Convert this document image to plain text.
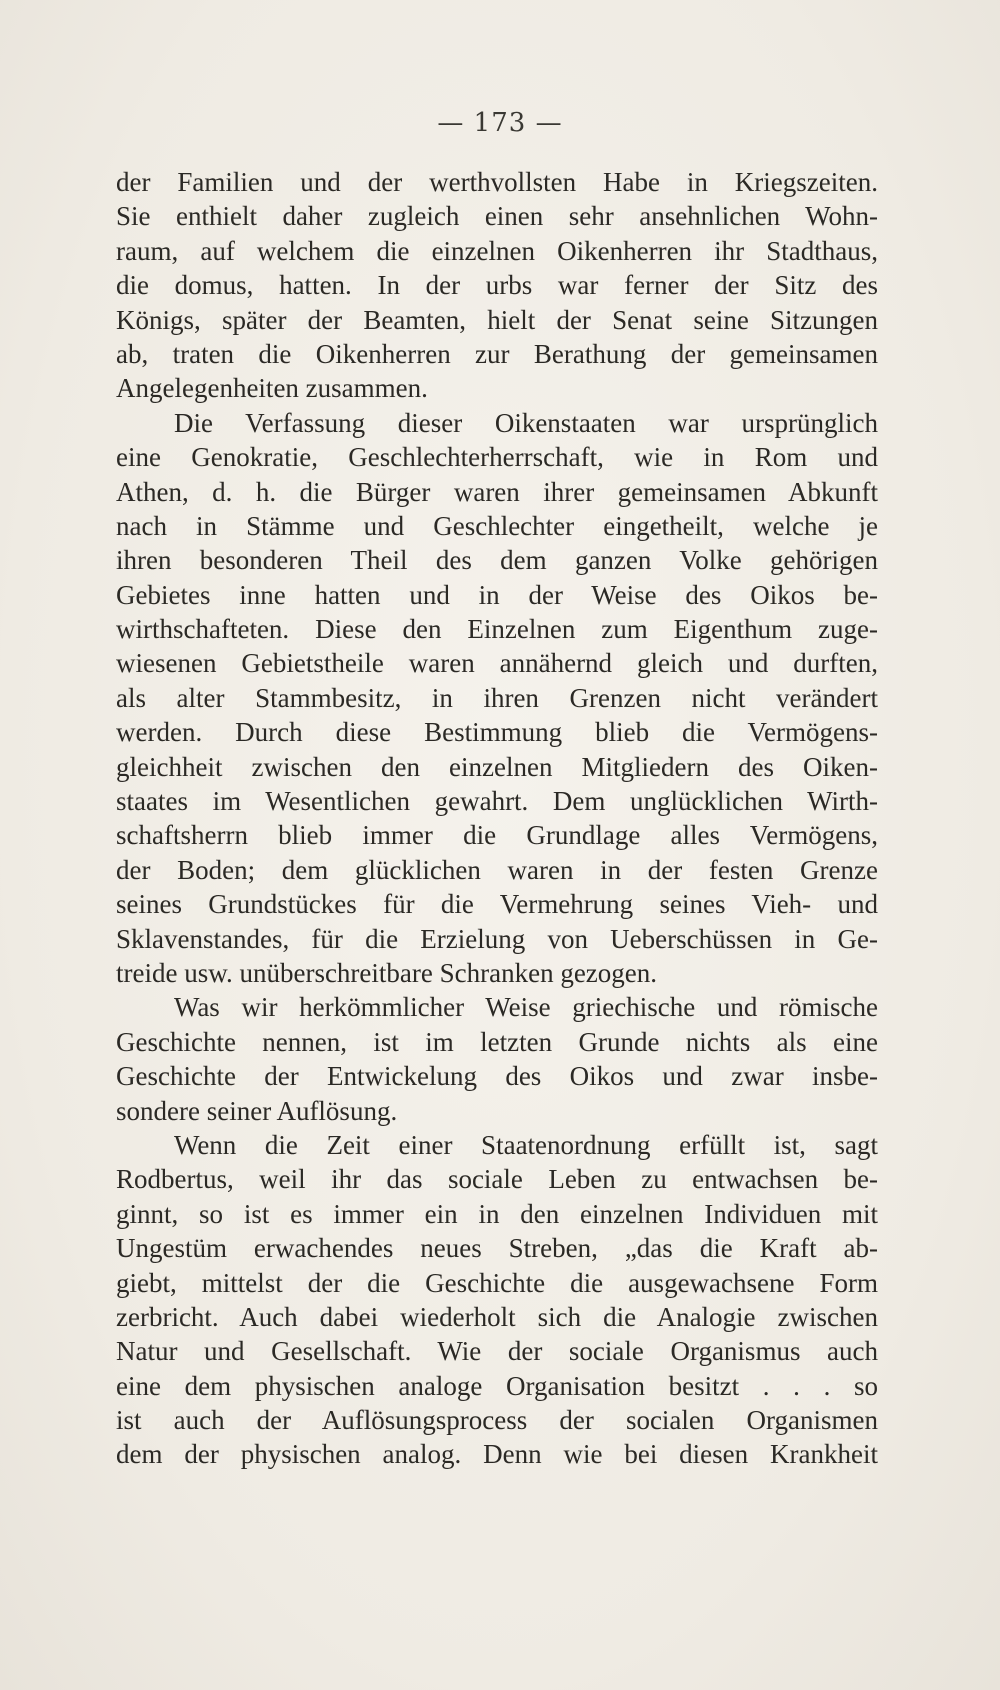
— 173 —
der Familien und der werthvollsten Habe in Kriegszeiten.
Sie enthielt daher zugleich einen sehr ansehnlichen Wohn-
raum, auf welchem die einzelnen Oikenherren ihr Stadthaus,
die domus, hatten. In der urbs war ferner der Sitz des
Königs, später der Beamten, hielt der Senat seine Sitzungen
ab, traten die Oikenherren zur Berathung der gemeinsamen
Angelegenheiten zusammen.
Die Verfassung dieser Oikenstaaten war ursprünglich
eine Genokratie, Geschlechterherrschaft, wie in Rom und
Athen, d. h. die Bürger waren ihrer gemeinsamen Abkunft
nach in Stämme und Geschlechter eingetheilt, welche je
ihren besonderen Theil des dem ganzen Volke gehörigen
Gebietes inne hatten und in der Weise des Oikos be-
wirthschafteten. Diese den Einzelnen zum Eigenthum zuge-
wiesenen Gebietstheile waren annähernd gleich und durften,
als alter Stammbesitz, in ihren Grenzen nicht verändert
werden. Durch diese Bestimmung blieb die Vermögens-
gleichheit zwischen den einzelnen Mitgliedern des Oiken-
staates im Wesentlichen gewahrt. Dem unglücklichen Wirth-
schaftsherrn blieb immer die Grundlage alles Vermögens,
der Boden; dem glücklichen waren in der festen Grenze
seines Grundstückes für die Vermehrung seines Vieh- und
Sklavenstandes, für die Erzielung von Ueberschüssen in Ge-
treide usw. unüberschreitbare Schranken gezogen.
Was wir herkömmlicher Weise griechische und römische
Geschichte nennen, ist im letzten Grunde nichts als eine
Geschichte der Entwickelung des Oikos und zwar insbe-
sondere seiner Auflösung.
Wenn die Zeit einer Staatenordnung erfüllt ist, sagt
Rodbertus, weil ihr das sociale Leben zu entwachsen be-
ginnt, so ist es immer ein in den einzelnen Individuen mit
Ungestüm erwachendes neues Streben, „das die Kraft ab-
giebt, mittelst der die Geschichte die ausgewachsene Form
zerbricht. Auch dabei wiederholt sich die Analogie zwischen
Natur und Gesellschaft. Wie der sociale Organismus auch
eine dem physischen analoge Organisation besitzt . . . so
ist auch der Auflösungsprocess der socialen Organismen
dem der physischen analog. Denn wie bei diesen Krankheit
